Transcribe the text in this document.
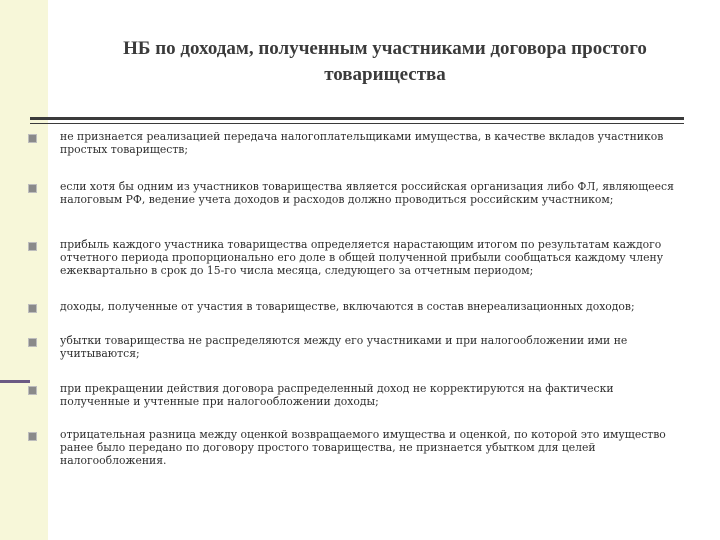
НБ по доходам, полученным участниками договора простого товарищества
не признается реализацией передача налогоплательщиками имущества, в качестве вкладов участников простых товариществ;
если хотя бы одним из участников товарищества является российская организация либо ФЛ, являющееся налоговым РФ, ведение учета доходов и расходов должно проводиться российским участником;
прибыль каждого участника товарищества определяется нарастающим итогом по результатам каждого отчетного периода пропорционально его доле в общей полученной прибыли сообщаться каждому члену ежеквартально в срок до 15-го числа месяца, следующего за отчетным периодом;
доходы, полученные от участия в товариществе, включаются в состав внереализационных доходов;
убытки товарищества не распределяются между его участниками и при налогообложении ими не учитываются;
при прекращении действия договора распределенный доход не корректируются на фактически полученные и учтенные при налогообложении доходы;
отрицательная разница между оценкой возвращаемого имущества и оценкой, по которой это имущество ранее было передано по договору простого товарищества, не признается убытком для целей налогообложения.
